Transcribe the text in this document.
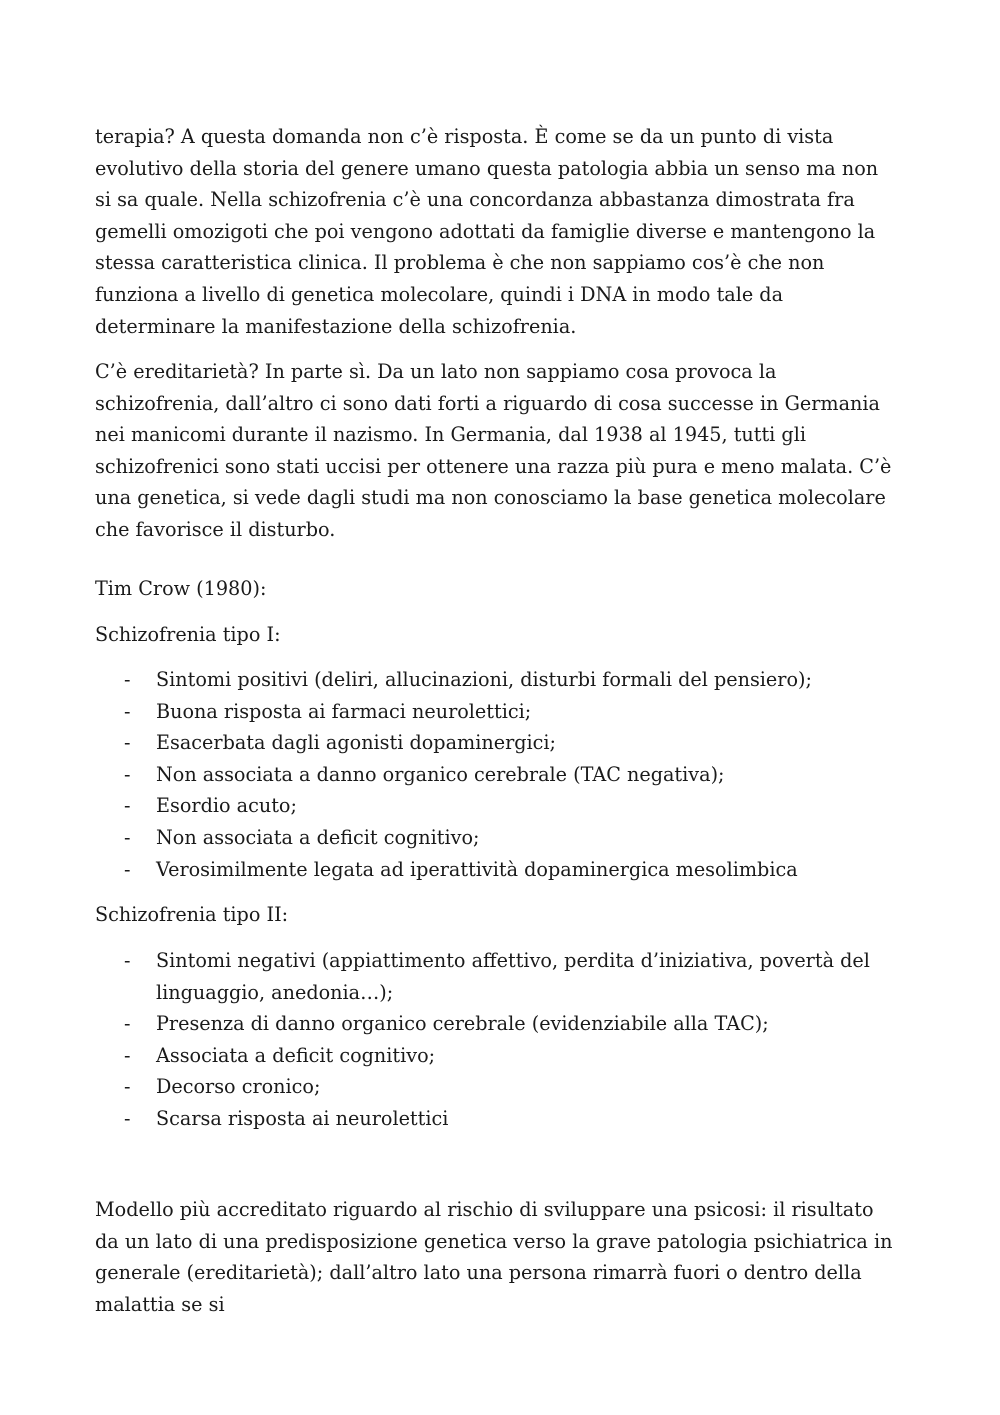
terapia? A questa domanda non c’è risposta. È come se da un punto di vista evolutivo della storia del genere umano questa patologia abbia un senso ma non si sa quale. Nella schizofrenia c’è una concordanza abbastanza dimostrata fra gemelli omozigoti che poi vengono adottati da famiglie diverse e mantengono la stessa caratteristica clinica. Il problema è che non sappiamo cos’è che non funziona a livello di genetica molecolare, quindi i DNA in modo tale da determinare la manifestazione della schizofrenia.

C’è ereditarietà? In parte sì. Da un lato non sappiamo cosa provoca la schizofrenia, dall’altro ci sono dati forti a riguardo di cosa successe in Germania nei manicomi durante il nazismo. In Germania, dal 1938 al 1945, tutti gli schizofrenici sono stati uccisi per ottenere una razza più pura e meno malata. C’è una genetica, si vede dagli studi ma non conosciamo la base genetica molecolare che favorisce il disturbo.

Tim Crow (1980):

Schizofrenia tipo I:

- Sintomi positivi (deliri, allucinazioni, disturbi formali del pensiero);
- Buona risposta ai farmaci neurolettici;
- Esacerbata dagli agonisti dopaminergici;
- Non associata a danno organico cerebrale (TAC negativa);
- Esordio acuto;
- Non associata a deficit cognitivo;
- Verosimilmente legata ad iperattività dopaminergica mesolimbica

Schizofrenia tipo II:

- Sintomi negativi (appiattimento affettivo, perdita d’iniziativa, povertà del linguaggio, anedonia…);
- Presenza di danno organico cerebrale (evidenziabile alla TAC);
- Associata a deficit cognitivo;
- Decorso cronico;
- Scarsa risposta ai neurolettici

Modello più accreditato riguardo al rischio di sviluppare una psicosi: il risultato da un lato di una predisposizione genetica verso la grave patologia psichiatrica in generale (ereditarietà); dall’altro lato una persona rimarrà fuori o dentro della malattia se si
